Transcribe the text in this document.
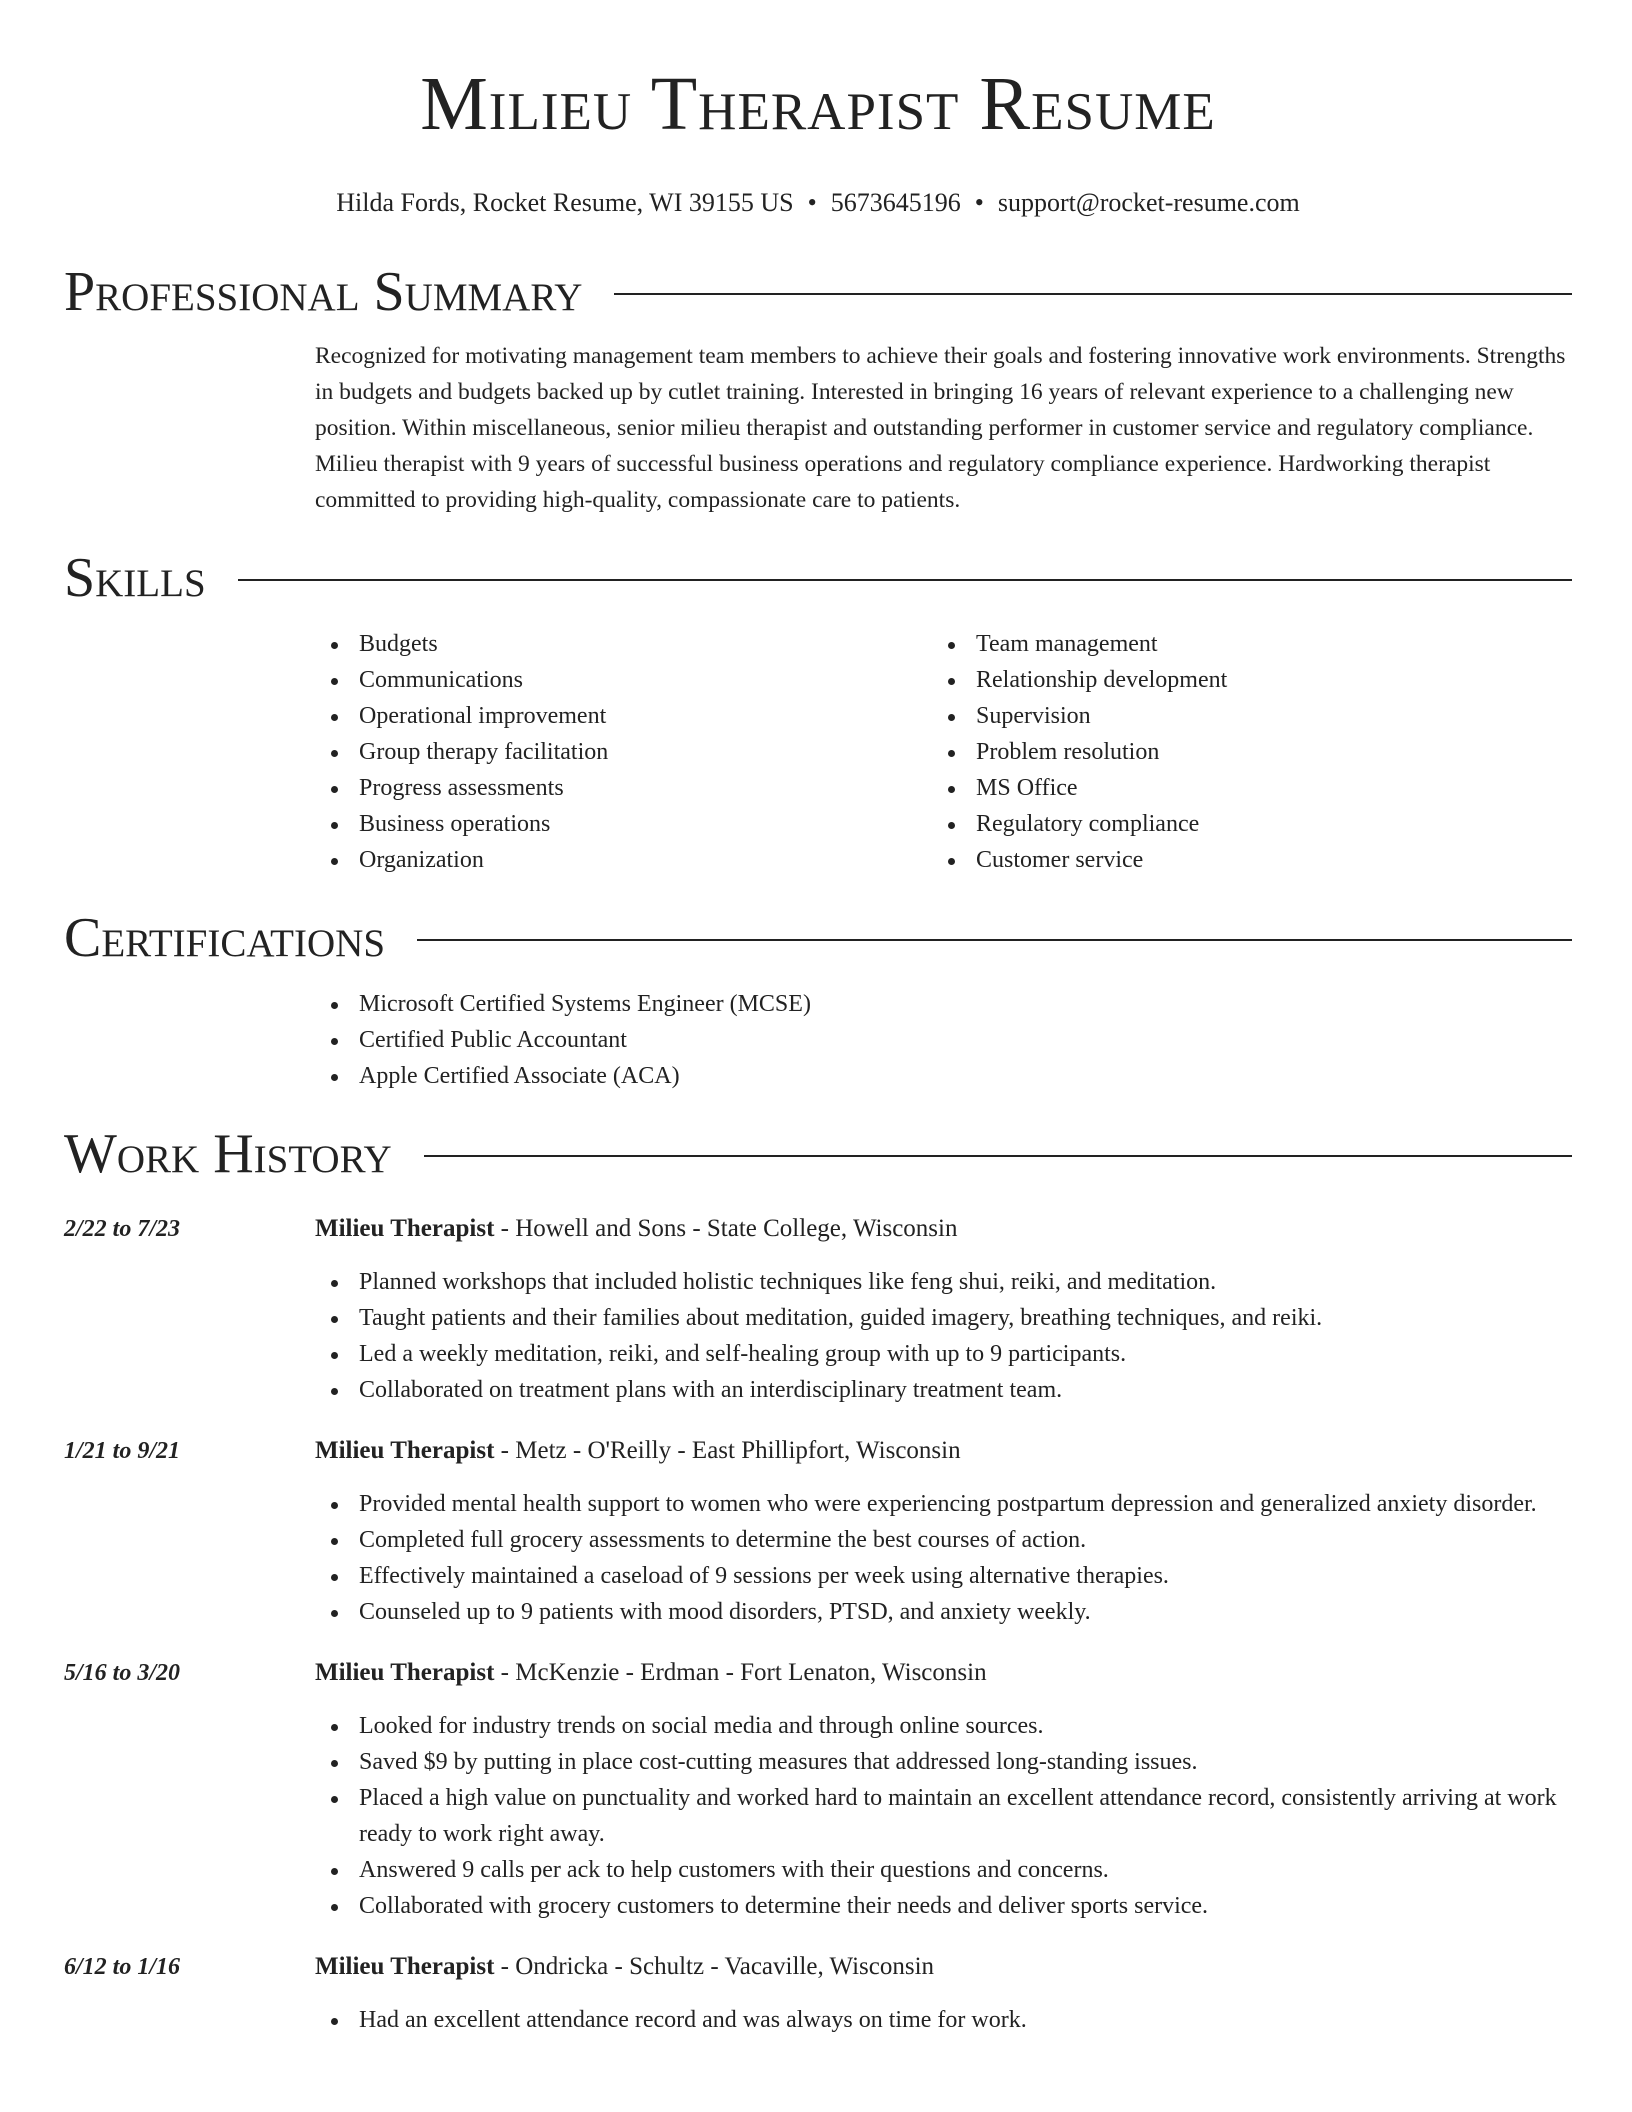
Milieu Therapist Resume
Hilda Fords, Rocket Resume, WI 39155 US • 5673645196 • support@rocket-resume.com
Professional Summary

Recognized for motivating management team members to achieve their goals and fostering innovative work environments. Strengths in budgets and budgets backed up by cutlet training. Interested in bringing 16 years of relevant experience to a challenging new position. Within miscellaneous, senior milieu therapist and outstanding performer in customer service and regulatory compliance. Milieu therapist with 9 years of successful business operations and regulatory compliance experience. Hardworking therapist committed to providing high-quality, compassionate care to patients.

Skills
Budgets
Communications
Operational improvement
Group therapy facilitation
Progress assessments
Business operations
Organization
Team management
Relationship development
Supervision
Problem resolution
MS Office
Regulatory compliance
Customer service
Certifications
Microsoft Certified Systems Engineer (MCSE)
Certified Public Accountant
Apple Certified Associate (ACA)
Work History
2/22 to 7/23	Milieu Therapist - Howell and Sons - State College, Wisconsin
Planned workshops that included holistic techniques like feng shui, reiki, and meditation.
Taught patients and their families about meditation, guided imagery, breathing techniques, and reiki.
Led a weekly meditation, reiki, and self-healing group with up to 9 participants.
Collaborated on treatment plans with an interdisciplinary treatment team.
1/21 to 9/21	Milieu Therapist - Metz - O'Reilly - East Phillipfort, Wisconsin
Provided mental health support to women who were experiencing postpartum depression and generalized anxiety disorder.
Completed full grocery assessments to determine the best courses of action.
Effectively maintained a caseload of 9 sessions per week using alternative therapies.
Counseled up to 9 patients with mood disorders, PTSD, and anxiety weekly.
5/16 to 3/20	Milieu Therapist - McKenzie - Erdman - Fort Lenaton, Wisconsin
Looked for industry trends on social media and through online sources.
Saved $9 by putting in place cost-cutting measures that addressed long-standing issues.
Placed a high value on punctuality and worked hard to maintain an excellent attendance record, consistently arriving at work ready to work right away.
Answered 9 calls per ack to help customers with their questions and concerns.
Collaborated with grocery customers to determine their needs and deliver sports service.
6/12 to 1/16	Milieu Therapist - Ondricka - Schultz - Vacaville, Wisconsin
Had an excellent attendance record and was always on time for work.
